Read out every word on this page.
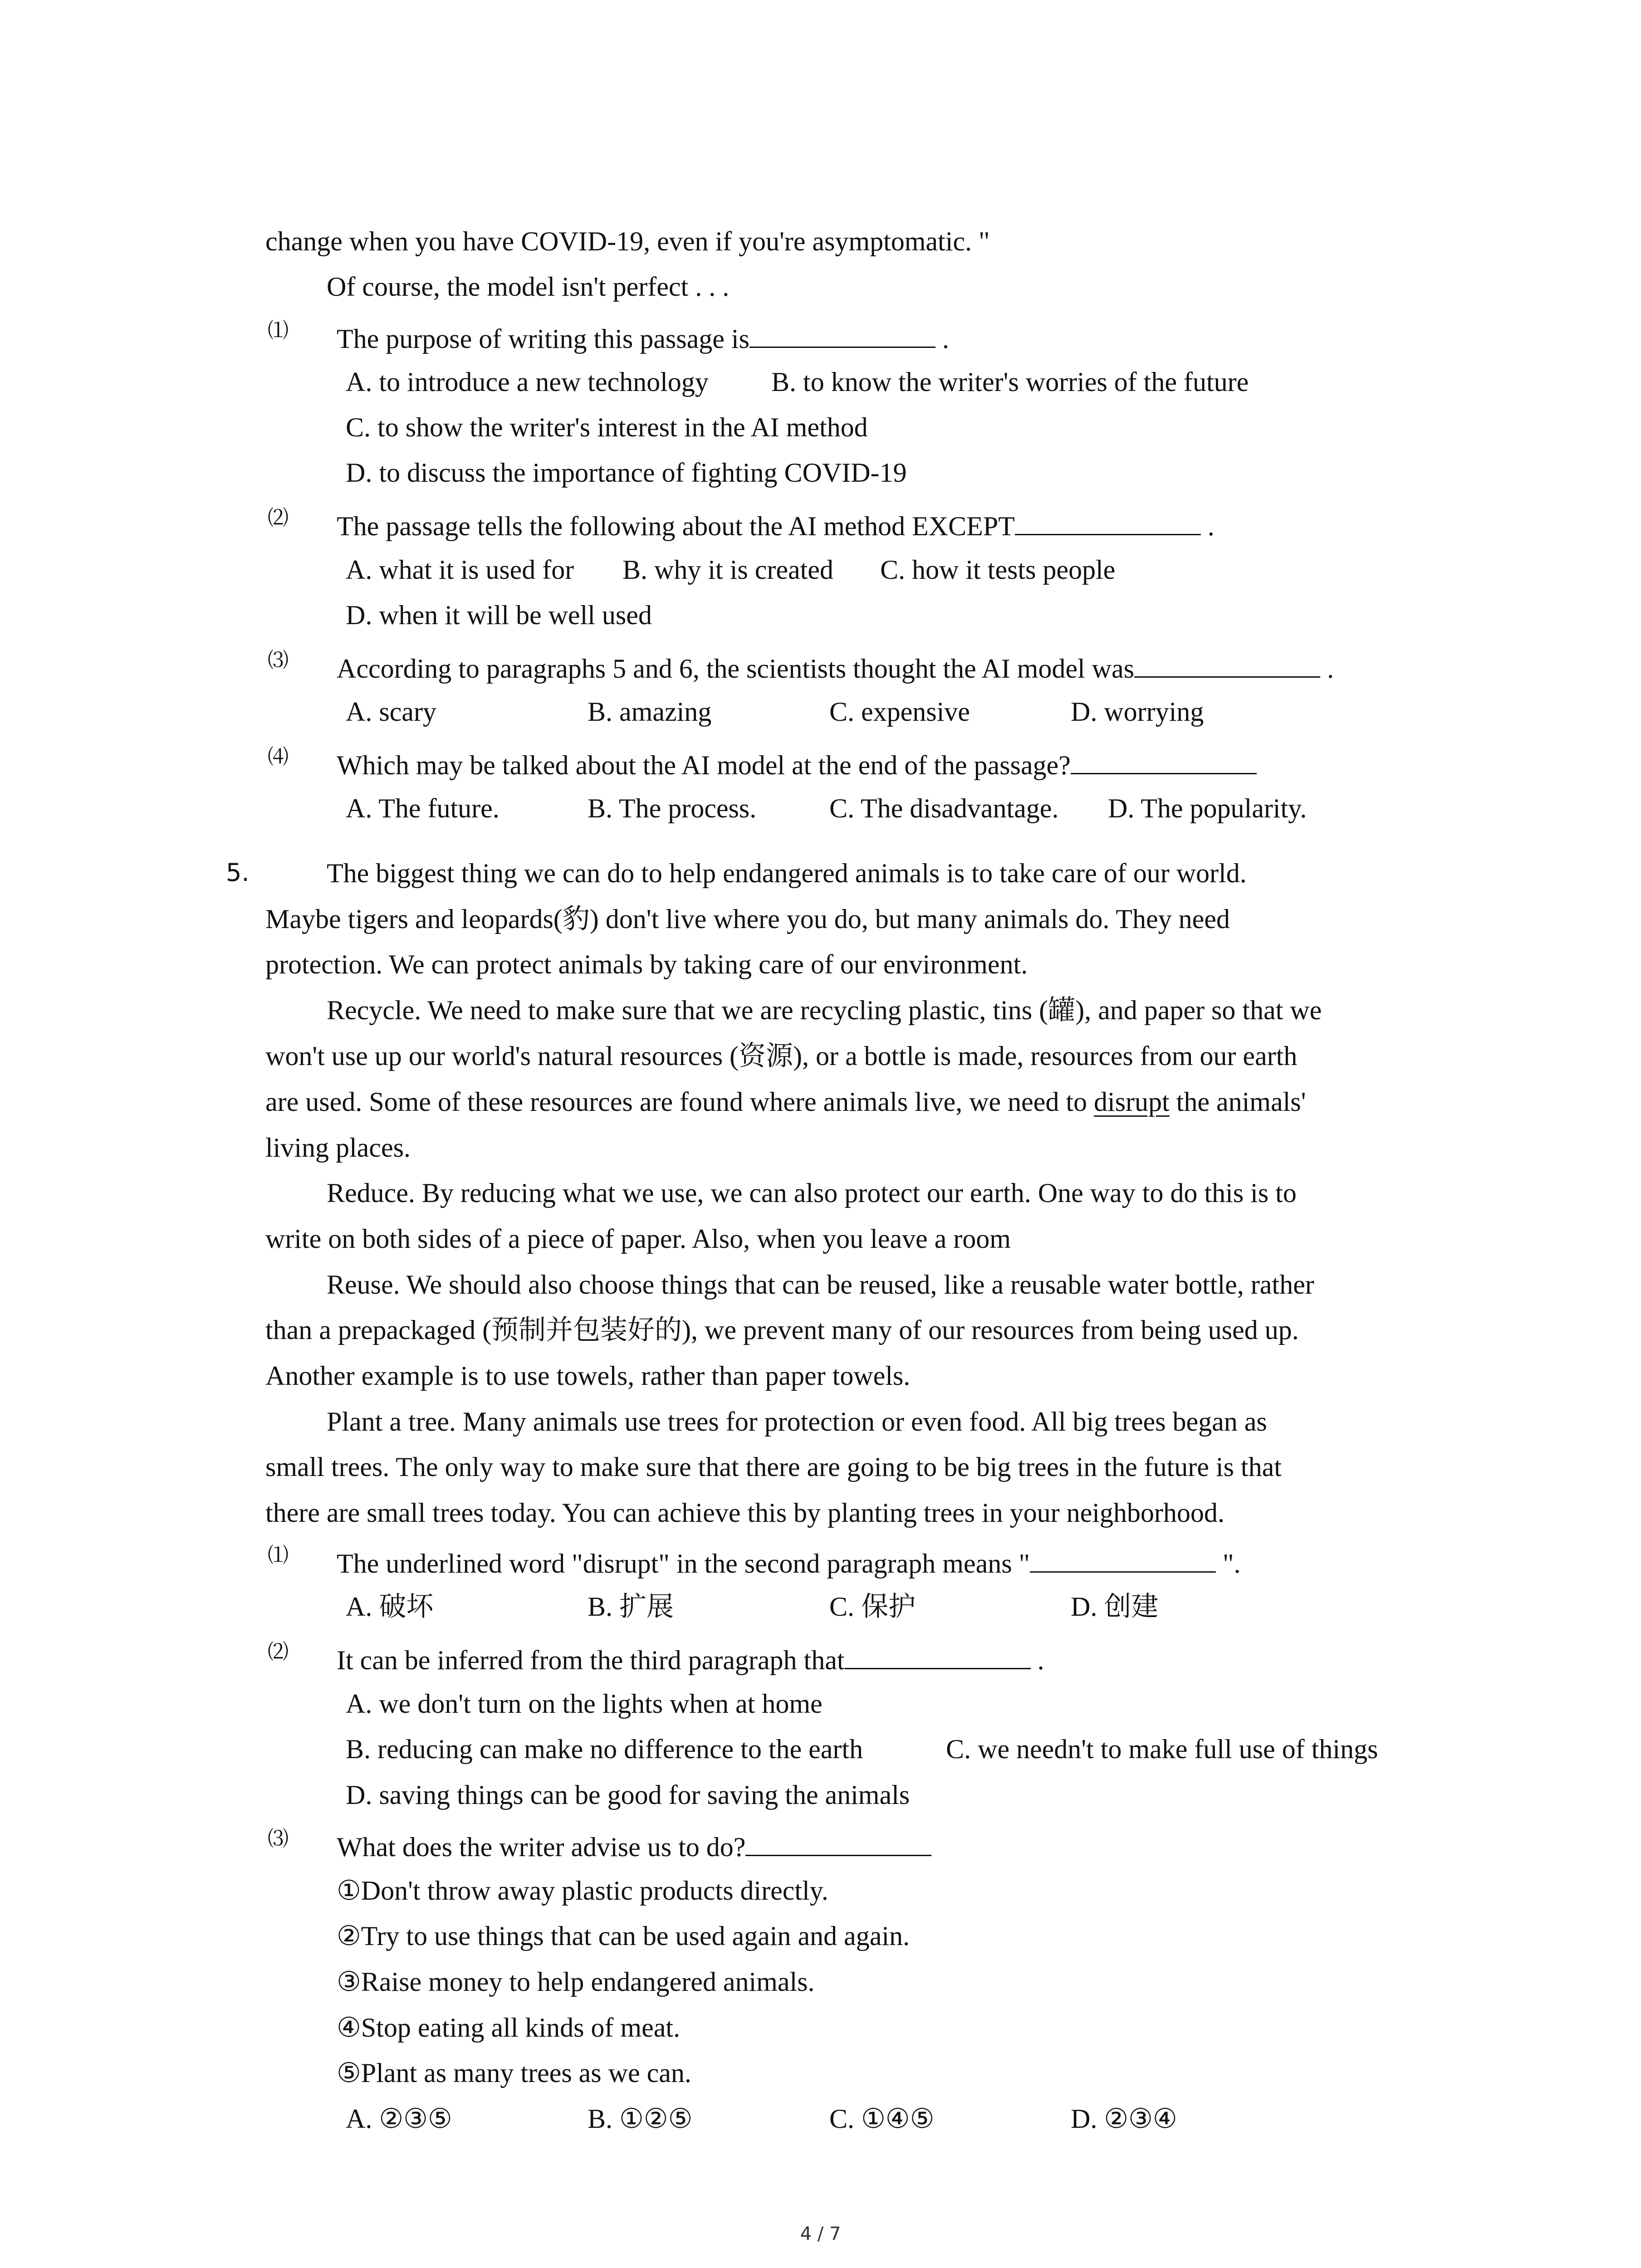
change when you have COVID-19, even if you're asymptomatic. "
Of course, the model isn't perfect . . .
⑴ The purpose of writing this passage is	.
A. to introduce a new technology B. to know the writer's worries of the future
C. to show the writer's interest in the AI method
D. to discuss the importance of fighting COVID-19
⑵ The passage tells the following about the AI method EXCEPT	.
A. what it is used for B. why it is created C. how it tests people
D. when it will be well used
⑶ According to paragraphs 5 and 6, the scientists thought the AI model was	.
A. scary	B. amazing	C. expensive	D. worrying
⑷ Which may be talked about the AI model at the end of the passage?
A. The future.	B. The process.	C. The disadvantage. D. The popularity.
5.	The biggest thing we can do to help endangered animals is to take care of our world.
Maybe tigers and leopards(豹) don't live where you do, but many animals do. They need
protection. We can protect animals by taking care of our environment.
Recycle. We need to make sure that we are recycling plastic, tins (罐), and paper so that we
won't use up our world's natural resources (资源), or a bottle is made, resources from our earth
are used. Some of these resources are found where animals live, we need to disrupt the animals'
living places.
Reduce. By reducing what we use, we can also protect our earth. One way to do this is to
write on both sides of a piece of paper. Also, when you leave a room
Reuse. We should also choose things that can be reused, like a reusable water bottle, rather
than a prepackaged (预制并包装好的), we prevent many of our resources from being used up.
Another example is to use towels, rather than paper towels.
Plant a tree. Many animals use trees for protection or even food. All big trees began as
small trees. The only way to make sure that there are going to be big trees in the future is that
there are small trees today. You can achieve this by planting trees in your neighborhood.
⑴ The underlined word "disrupt" in the second paragraph means "	".
A. 破坏	B. 扩展	C. 保护	D. 创建
⑵ It can be inferred from the third paragraph that	.
A. we don't turn on the lights when at home
B. reducing can make no difference to the earth	C. we needn't to make full use of things
D. saving things can be good for saving the animals
⑶ What does the writer advise us to do?
①Don't throw away plastic products directly.
②Try to use things that can be used again and again.
③Raise money to help endangered animals.
④Stop eating all kinds of meat.
⑤Plant as many trees as we can.
A. ②③⑤	B. ①②⑤	C. ①④⑤	D. ②③④
4 / 7
